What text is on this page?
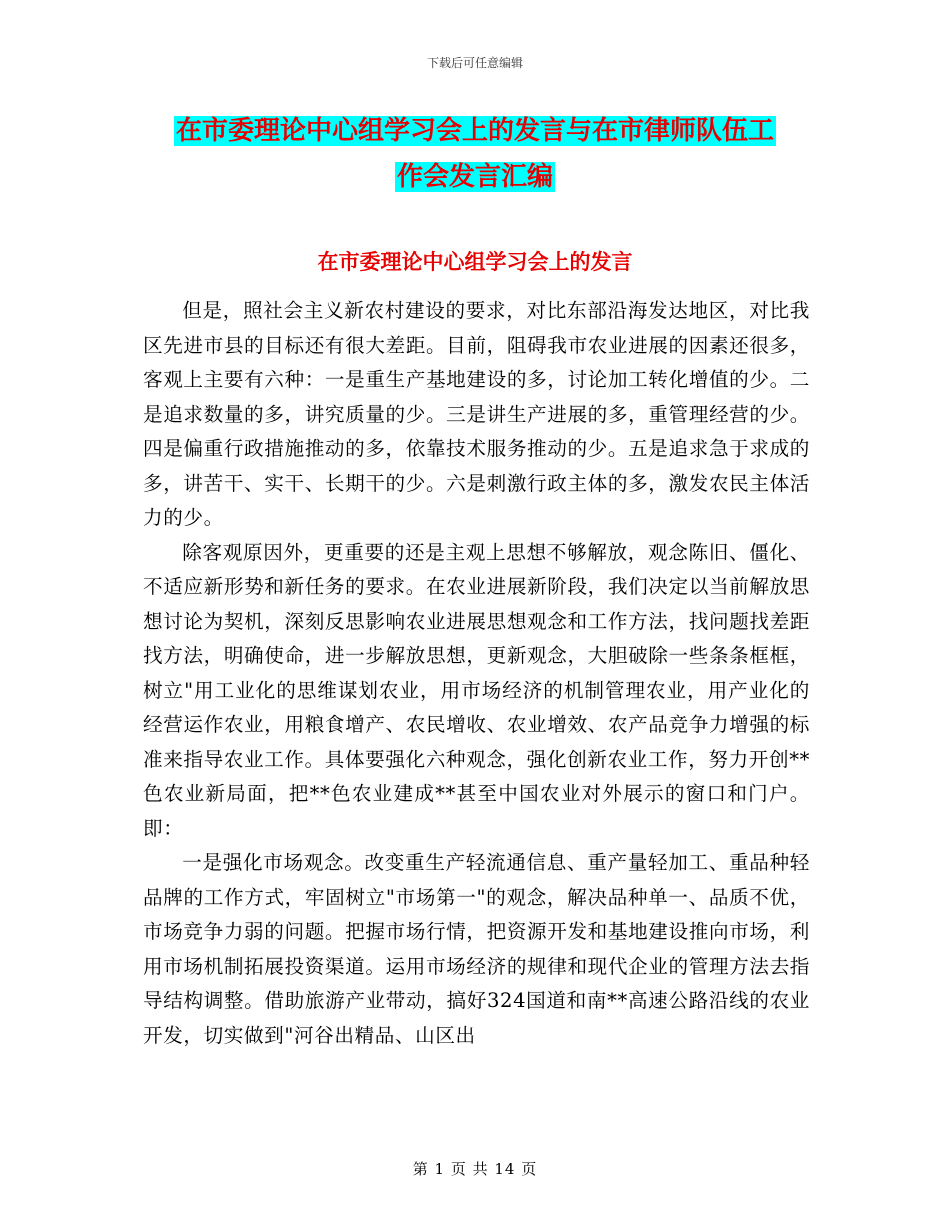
下载后可任意编辑
在市委理论中心组学习会上的发言与在市律师队伍工
作会发言汇编
在市委理论中心组学习会上的发言

但是，照社会主义新农村建设的要求，对比东部沿海发达地区，对比我区先进市县的目标还有很大差距。目前，阻碍我市农业进展的因素还很多，客观上主要有六种：一是重生产基地建设的多，讨论加工转化增值的少。二是追求数量的多，讲究质量的少。三是讲生产进展的多，重管理经营的少。四是偏重行政措施推动的多，依靠技术服务推动的少。五是追求急于求成的多，讲苦干、实干、长期干的少。六是刺激行政主体的多，激发农民主体活力的少。

除客观原因外，更重要的还是主观上思想不够解放，观念陈旧、僵化、不适应新形势和新任务的要求。在农业进展新阶段，我们决定以当前解放思想讨论为契机，深刻反思影响农业进展思想观念和工作方法，找问题找差距找方法，明确使命，进一步解放思想，更新观念，大胆破除一些条条框框，树立"用工业化的思维谋划农业，用市场经济的机制管理农业，用产业化的经营运作农业，用粮食增产、农民增收、农业增效、农产品竞争力增强的标准来指导农业工作。具体要强化六种观念，强化创新农业工作，努力开创**色农业新局面，把**色农业建成**甚至中国农业对外展示的窗口和门户。即：

一是强化市场观念。改变重生产轻流通信息、重产量轻加工、重品种轻品牌的工作方式，牢固树立"市场第一"的观念，解决品种单一、品质不优，市场竞争力弱的问题。把握市场行情，把资源开发和基地建设推向市场，利用市场机制拓展投资渠道。运用市场经济的规律和现代企业的管理方法去指导结构调整。借助旅游产业带动，搞好324国道和南**高速公路沿线的农业开发，切实做到"河谷出精品、山区出

第 1 页 共 14 页
